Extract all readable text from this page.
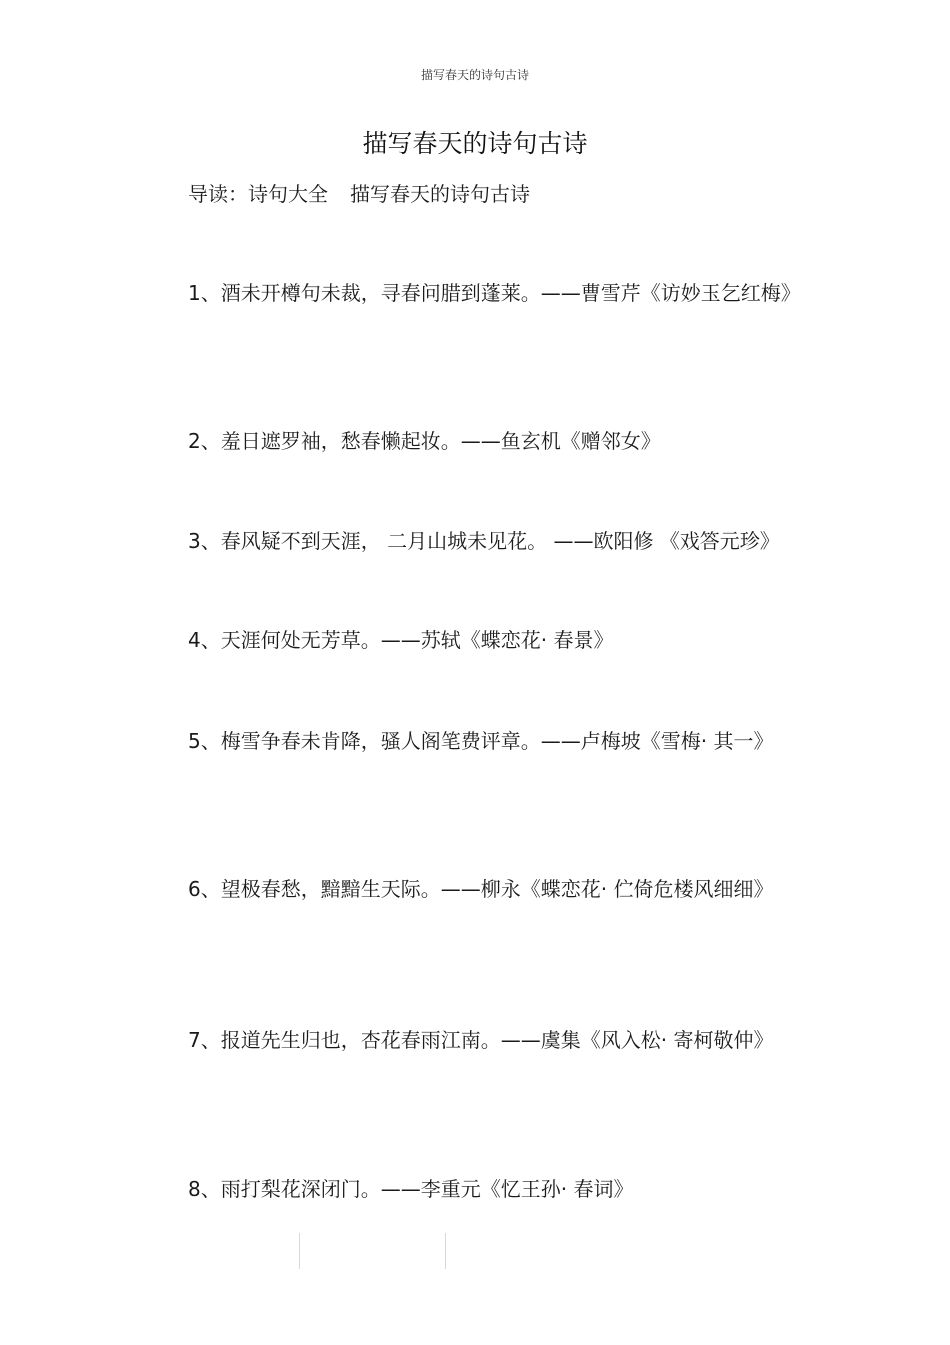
描写春天的诗句古诗
描写春天的诗句古诗
导读：诗句大全 描写春天的诗句古诗

1、酒未开樽句未裁，寻春问腊到蓬莱。——曹雪芹《访妙玉乞红梅》

2、羞日遮罗袖，愁春懒起妆。——鱼玄机《赠邻女》

3、春风疑不到天涯， 二月山城未见花。 ——欧阳修 《戏答元珍》

4、天涯何处无芳草。——苏轼《蝶恋花· 春景》

5、梅雪争春未肯降，骚人阁笔费评章。——卢梅坡《雪梅· 其一》

6、望极春愁，黯黯生天际。——柳永《蝶恋花· 伫倚危楼风细细》

7、报道先生归也，杏花春雨江南。——虞集《风入松· 寄柯敬仲》

8、雨打梨花深闭门。——李重元《忆王孙· 春词》
